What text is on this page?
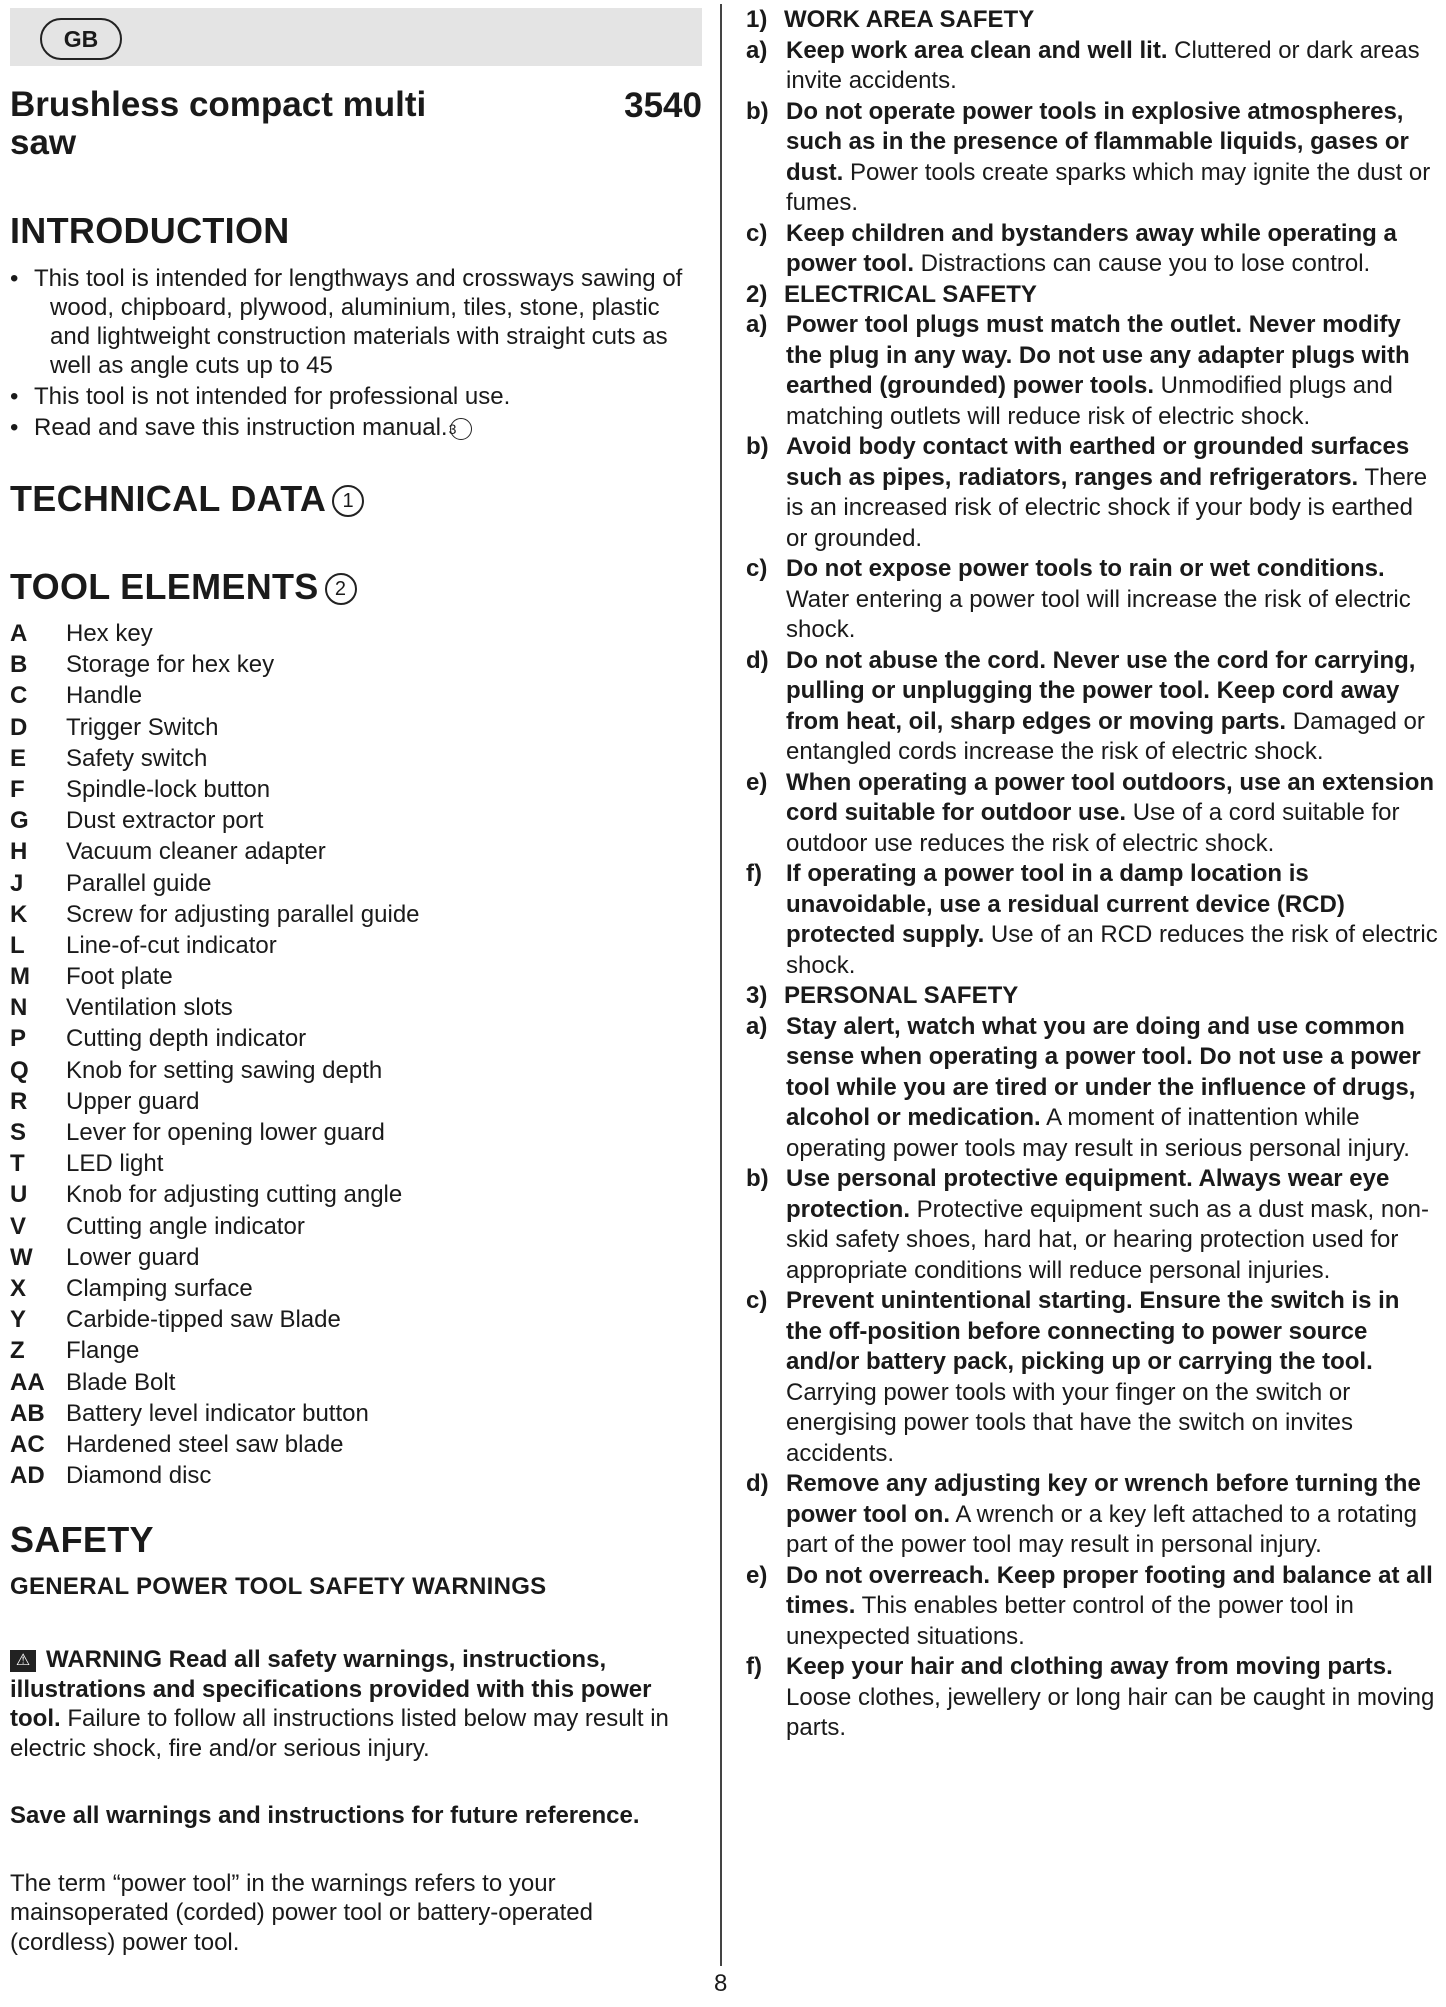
GB
Brushless compact multi saw
3540
INTRODUCTION
• This tool is intended for lengthways and crossways sawing of wood, chipboard, plywood, aluminium, tiles, stone, plastic and lightweight construction materials with straight cuts as well as angle cuts up to 45
• This tool is not intended for professional use.
• Read and save this instruction manual.3
TECHNICAL DATA 1
TOOL ELEMENTS 2
A	Hex key
B	Storage for hex key
C	Handle
D	Trigger Switch
E	Safety switch
F	Spindle-lock button
G	Dust extractor port
H	Vacuum cleaner adapter
J	Parallel guide
K	Screw for adjusting parallel guide
L	Line-of-cut indicator
M	Foot plate
N	Ventilation slots
P	Cutting depth indicator
Q	Knob for setting sawing depth
R	Upper guard
S	Lever for opening lower guard
T	LED light
U	Knob for adjusting cutting angle
V	Cutting angle indicator
W	Lower guard
X	Clamping surface
Y	Carbide-tipped saw Blade
Z	Flange
AA Blade Bolt
AB Battery level indicator button
AC Hardened steel saw blade
AD Diamond disc
SAFETY
GENERAL POWER TOOL SAFETY WARNINGS
⚠ WARNING Read all safety warnings, instructions, illustrations and specifications provided with this power tool. Failure to follow all instructions listed below may result in electric shock, fire and/or serious injury.
Save all warnings and instructions for future reference.
The term “power tool” in the warnings refers to your mainsoperated (corded) power tool or battery-operated (cordless) power tool.
1) WORK AREA SAFETY
a) Keep work area clean and well lit. Cluttered or dark areas invite accidents.
b) Do not operate power tools in explosive atmospheres, such as in the presence of flammable liquids, gases or dust. Power tools create sparks which may ignite the dust or fumes.
c) Keep children and bystanders away while operating a power tool. Distractions can cause you to lose control.
2) ELECTRICAL SAFETY
a) Power tool plugs must match the outlet. Never modify the plug in any way. Do not use any adapter plugs with earthed (grounded) power tools. Unmodified plugs and matching outlets will reduce risk of electric shock.
b) Avoid body contact with earthed or grounded surfaces such as pipes, radiators, ranges and refrigerators. There is an increased risk of electric shock if your body is earthed or grounded.
c) Do not expose power tools to rain or wet conditions. Water entering a power tool will increase the risk of electric shock.
d) Do not abuse the cord. Never use the cord for carrying, pulling or unplugging the power tool. Keep cord away from heat, oil, sharp edges or moving parts. Damaged or entangled cords increase the risk of electric shock.
e) When operating a power tool outdoors, use an extension cord suitable for outdoor use. Use of a cord suitable for outdoor use reduces the risk of electric shock.
f)	If operating a power tool in a damp location is unavoidable, use a residual current device (RCD) protected supply. Use of an RCD reduces the risk of electric shock.
3) PERSONAL SAFETY
a) Stay alert, watch what you are doing and use common sense when operating a power tool. Do not use a power tool while you are tired or under the influence of drugs, alcohol or medication. A moment of inattention while operating power tools may result in serious personal injury.
b) Use personal protective equipment. Always wear eye protection. Protective equipment such as a dust mask, non-skid safety shoes, hard hat, or hearing protection used for appropriate conditions will reduce personal injuries.
c) Prevent unintentional starting. Ensure the switch is in the off-position before connecting to power source and/or battery pack, picking up or carrying the tool. Carrying power tools with your finger on the switch or energising power tools that have the switch on invites accidents.
d) Remove any adjusting key or wrench before turning the power tool on. A wrench or a key left attached to a rotating part of the power tool may result in personal injury.
e) Do not overreach. Keep proper footing and balance at all times. This enables better control of the power tool in unexpected situations.
f)	Keep your hair and clothing away from moving parts. Loose clothes, jewellery or long hair can be caught in moving parts.
8
